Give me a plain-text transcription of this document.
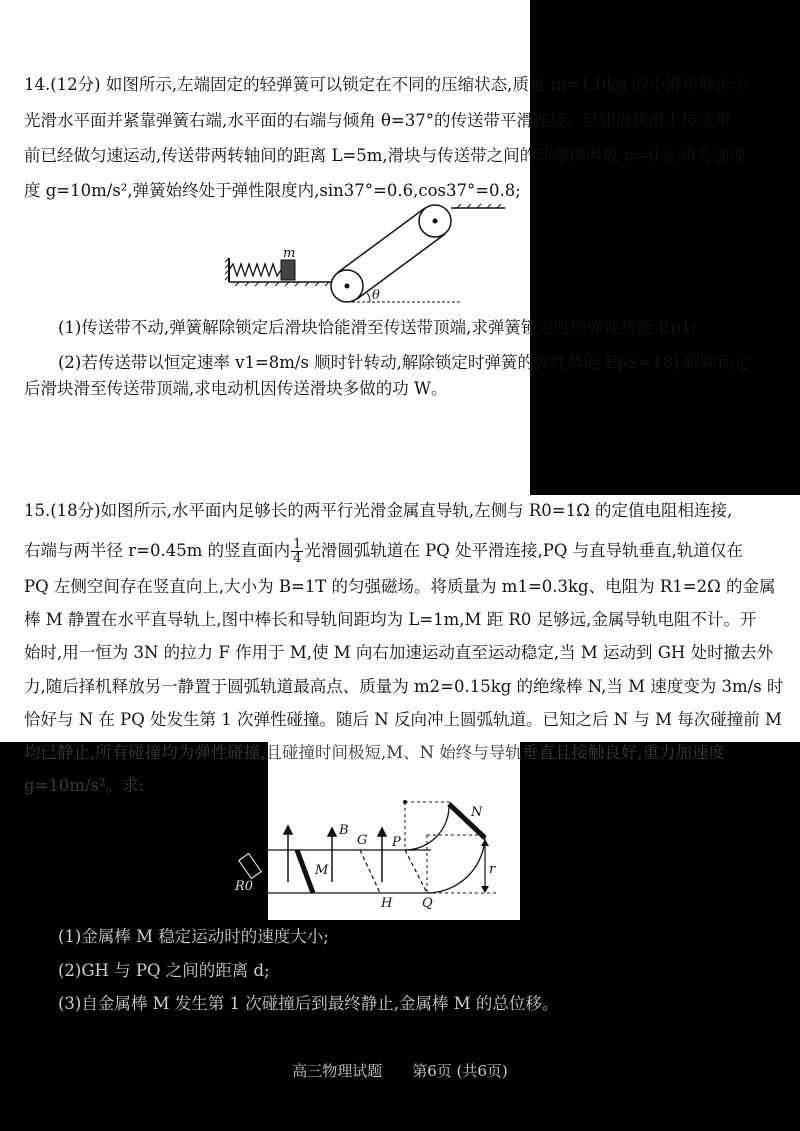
14.(12分) 如图所示,左端固定的轻弹簧可以锁定在不同的压缩状态,质量 m=1.0kg 的小滑块静止于
光滑水平面并紧靠弹簧右端,水平面的右端与倾角 θ=37°的传送带平滑连接。已知滑块滑上传送带
前已经做匀速运动,传送带两转轴间的距离 L=5m,滑块与传送带之间的动摩擦因数 μ=0.5,重力加速
度 g=10m/s²,弹簧始终处于弹性限度内,sin37°=0.6,cos37°=0.8;
m
θ
(1)传送带不动,弹簧解除锁定后滑块恰能滑至传送带顶端,求弹簧锁定时的弹性势能 Ep1;
(2)若传送带以恒定速率 v1=8m/s 顺时针转动,解除锁定时弹簧的弹性势能 Ep2=18J,解除锁定
后滑块滑至传送带顶端,求电动机因传送滑块多做的功 W。
15.(18分)如图所示,水平面内足够长的两平行光滑金属直导轨,左侧与 R0=1Ω 的定值电阻相连接,
右端与两半径 r=0.45m 的竖直面内 $\frac{1}{4}$ 光滑圆弧轨道在 PQ 处平滑连接,PQ 与直导轨垂直,轨道仅在
PQ 左侧空间存在竖直向上,大小为 B=1T 的匀强磁场。将质量为 m1=0.3kg、电阻为 R1=2Ω 的金属
棒 M 静置在水平直导轨上,图中棒长和导轨间距均为 L=1m,M 距 R0 足够远,金属导轨电阻不计。开
始时,用一恒为 3N 的拉力 F 作用于 M,使 M 向右加速运动直至运动稳定,当 M 运动到 GH 处时撤去外
力,随后择机释放另一静置于圆弧轨道最高点、质量为 m2=0.15kg 的绝缘棒 N,当 M 速度变为 3m/s 时
恰好与 N 在 PQ 处发生第 1 次弹性碰撞。随后 N 反向冲上圆弧轨道。已知之后 N 与 M 每次碰撞前 M
均已静止,所有碰撞均为弹性碰撞,且碰撞时间极短,M、N 始终与导轨垂直且接触良好,重力加速度
g=10m/s²。求:
R0
B
M
G
H
P
Q
N
r
(1)金属棒 M 稳定运动时的速度大小;
(2)GH 与 PQ 之间的距离 d;
(3)自金属棒 M 发生第 1 次碰撞后到最终静止,金属棒 M 的总位移。
高三物理试题　　第6页 (共6页)
